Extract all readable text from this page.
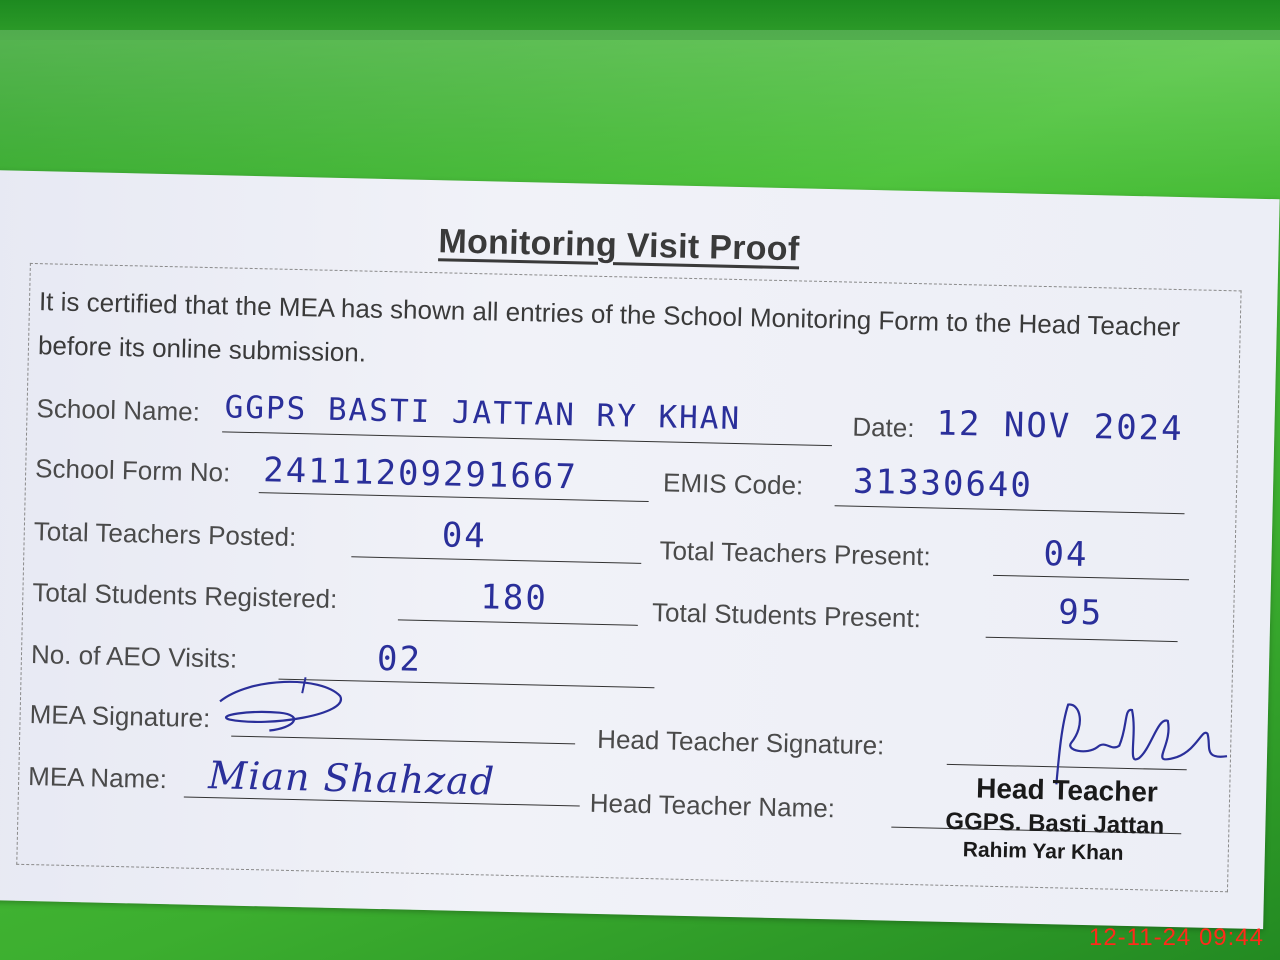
Monitoring Visit Proof
It is certified that the MEA has shown all entries of the School Monitoring Form to the Head Teacher before its online submission.
School Name: GGPS BASTI JATTAN RY KHAN	Date: 12 NOV 2024
School Form No: 24111209291667	EMIS Code: 31330640
Total Teachers Posted:	04	Total Teachers Present:	04
Total Students Registered:	180	Total Students Present:	95
No. of AEO Visits:	02
MEA Signature:
Head Teacher Signature:
MEA Name: Mian Shahzad
Head Teacher Name:	Head Teacher
GGPS. Basti Jattan
Rahim Yar Khan
12-11-24 09:44
